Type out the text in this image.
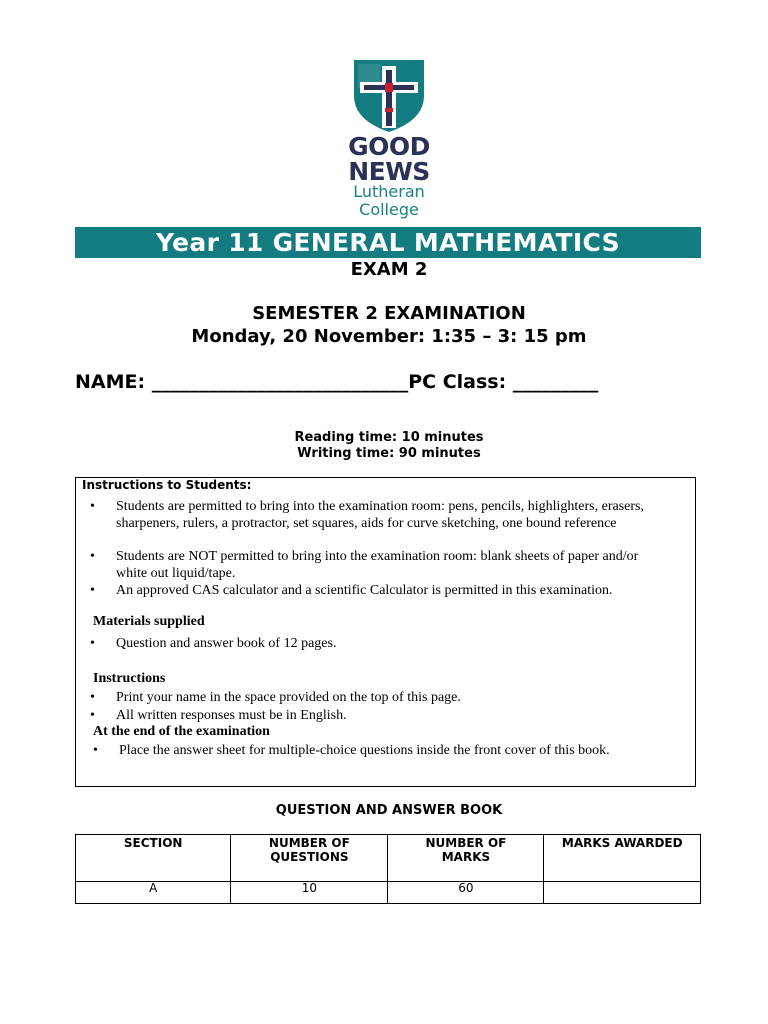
GOOD
NEWS
Lutheran
College
Year 11 GENERAL MATHEMATICS
EXAM 2
SEMESTER 2 EXAMINATION
Monday, 20 November: 1:35 – 3: 15 pm
NAME: ___________________________PC Class: _________
Reading time: 10 minutes
Writing time: 90 minutes
Instructions to Students:
•	Students are permitted to bring into the examination room: pens, pencils, highlighters, erasers, sharpeners, rulers, a protractor, set squares, aids for curve sketching, one bound reference
•	Students are NOT permitted to bring into the examination room: blank sheets of paper and/or white out liquid/tape.
•	An approved CAS calculator and a scientific Calculator is permitted in this examination.
Materials supplied
•	Question and answer book of 12 pages.
Instructions
•	Print your name in the space provided on the top of this page.
•	All written responses must be in English.
At the end of the examination
•	Place the answer sheet for multiple-choice questions inside the front cover of this book.
QUESTION AND ANSWER BOOK
SECTION	NUMBER OF QUESTIONS	NUMBER OF MARKS	MARKS AWARDED
A	10	60	
